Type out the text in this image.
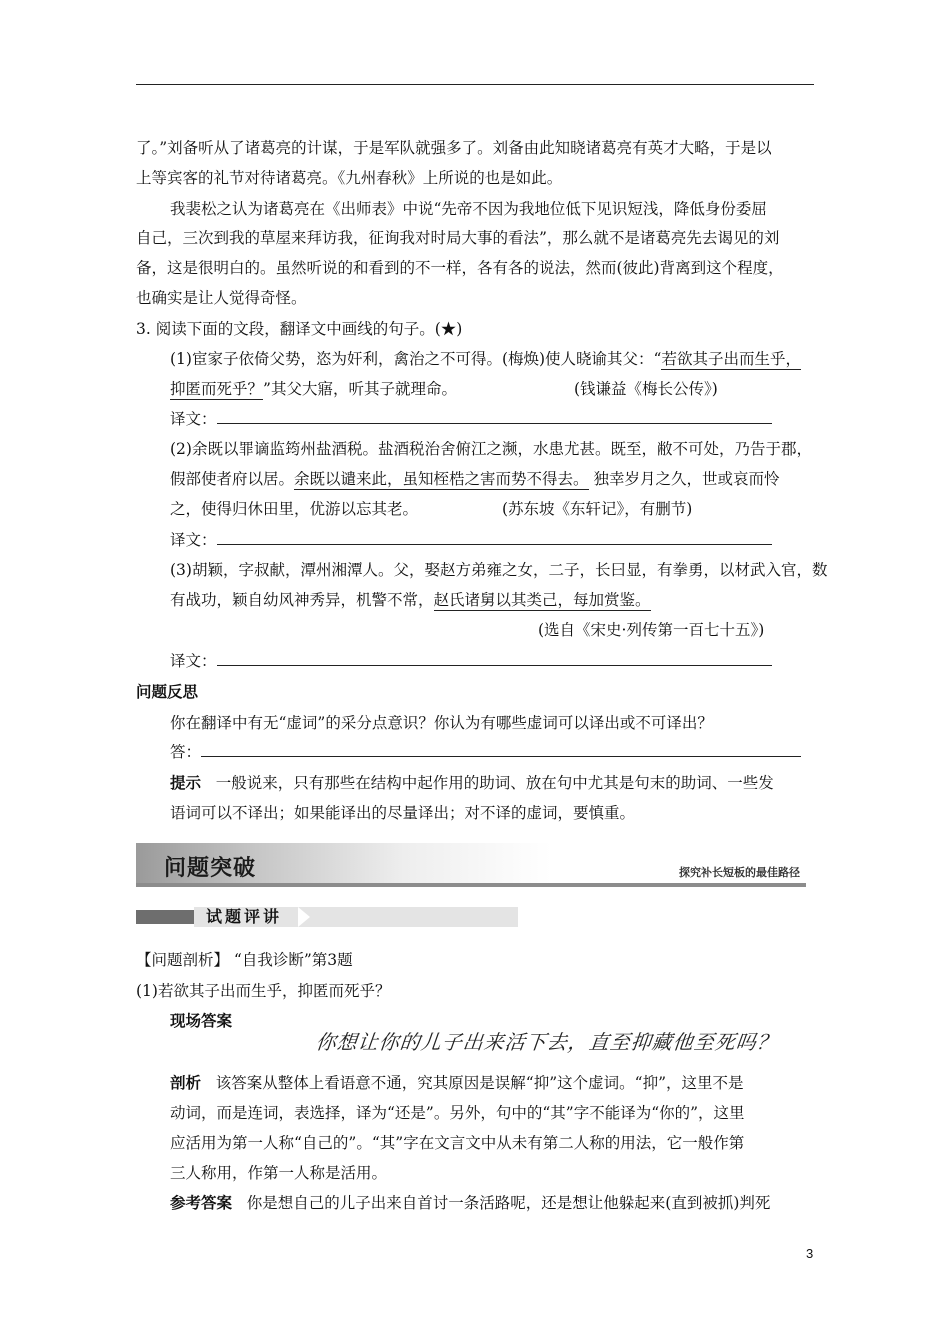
了。”刘备听从了诸葛亮的计谋，于是军队就强多了。刘备由此知晓诸葛亮有英才大略，于是以
上等宾客的礼节对待诸葛亮。《九州春秋》上所说的也是如此。
我裴松之认为诸葛亮在《出师表》中说“先帝不因为我地位低下见识短浅，降低身份委屈
自己，三次到我的草屋来拜访我，征询我对时局大事的看法”，那么就不是诸葛亮先去谒见的刘
备，这是很明白的。虽然听说的和看到的不一样，各有各的说法，然而(彼此)背离到这个程度，
也确实是让人觉得奇怪。
3. 阅读下面的文段，翻译文中画线的句子。(★)
(1)宦家子依倚父势，恣为奸利，禽治之不可得。(梅焕)使人晓谕其父：“若欲其子出而生乎，
抑匿而死乎？”其父大寤，听其子就理命。	(钱谦益《梅长公传》)
译文：
(2)余既以罪谪监筠州盐酒税。盐酒税治舍俯江之濒，水患尤甚。既至，敝不可处，乃告于郡，
假部使者府以居。余既以谴来此，虽知桎梏之害而势不得去。 独幸岁月之久，世或哀而怜
之，使得归休田里，优游以忘其老。	(苏东坡《东轩记》，有删节)
译文：
(3)胡颖，字叔献，潭州湘潭人。父，娶赵方弟雍之女，二子，长曰显，有拳勇，以材武入官，数
有战功，颖自幼风神秀异，机警不常，赵氏诸舅以其类己，每加赏鉴。
(选自《宋史·列传第一百七十五》)
译文：
问题反思
你在翻译中有无“虚词”的采分点意识？你认为有哪些虚词可以译出或不可译出？
答：
提示 一般说来，只有那些在结构中起作用的助词、放在句中尤其是句末的助词、一些发
语词可以不译出；如果能译出的尽量译出；对不译的虚词，要慎重。
问题突破	探究补长短板的最佳路径
试题评讲
【问题剖析】 “自我诊断”第3题
(1)若欲其子出而生乎，抑匿而死乎？
现场答案
你想让你的儿子出来活下去，直至抑藏他至死吗？
剖析 该答案从整体上看语意不通，究其原因是误解“抑”这个虚词。“抑”，这里不是
动词，而是连词，表选择，译为“还是”。另外，句中的“其”字不能译为“你的”，这里
应活用为第一人称“自己的”。“其”字在文言文中从未有第二人称的用法，它一般作第
三人称用，作第一人称是活用。
参考答案 你是想自己的儿子出来自首讨一条活路呢，还是想让他躲起来(直到被抓)判死
3
